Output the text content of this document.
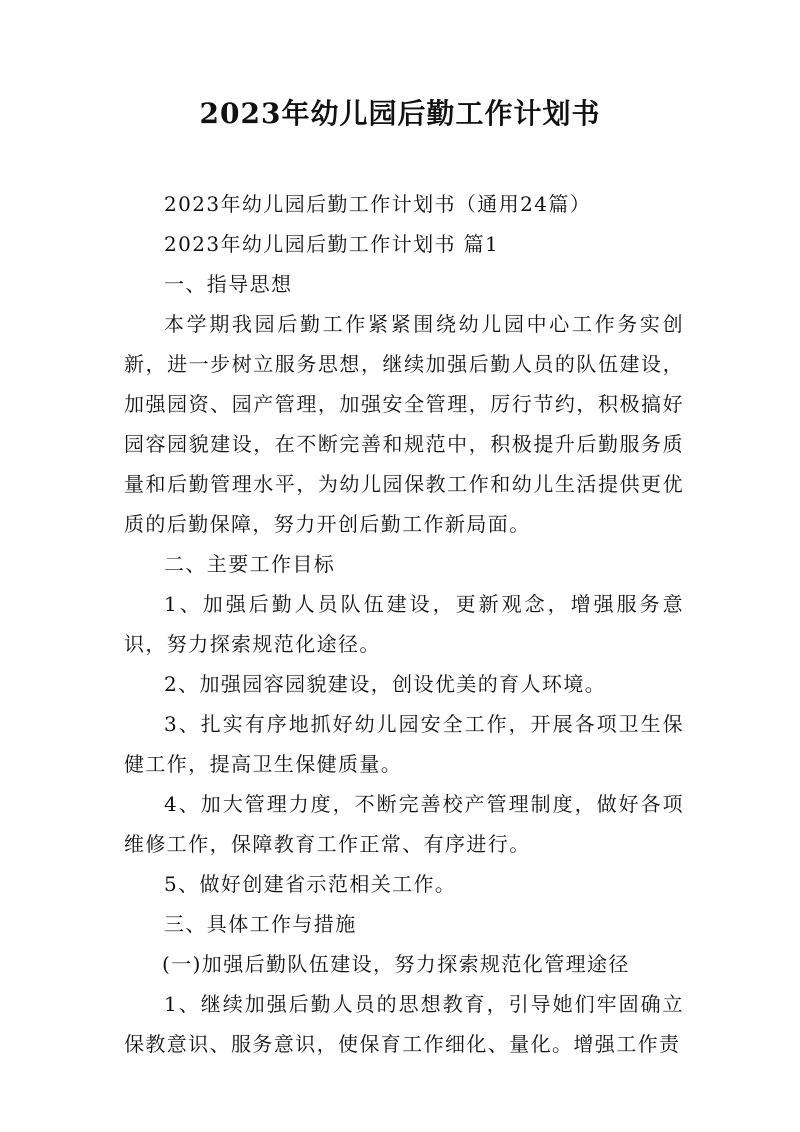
2023年幼儿园后勤工作计划书

2023年幼儿园后勤工作计划书（通用24篇）

2023年幼儿园后勤工作计划书 篇1

一、指导思想

本学期我园后勤工作紧紧围绕幼儿园中心工作务实创新，进一步树立服务思想，继续加强后勤人员的队伍建设，加强园资、园产管理，加强安全管理，厉行节约，积极搞好园容园貌建设，在不断完善和规范中，积极提升后勤服务质量和后勤管理水平，为幼儿园保教工作和幼儿生活提供更优质的后勤保障，努力开创后勤工作新局面。

二、主要工作目标

1、加强后勤人员队伍建设，更新观念，增强服务意识，努力探索规范化途径。

2、加强园容园貌建设，创设优美的育人环境。

3、扎实有序地抓好幼儿园安全工作，开展各项卫生保健工作，提高卫生保健质量。

4、加大管理力度，不断完善校产管理制度，做好各项维修工作，保障教育工作正常、有序进行。

5、做好创建省示范相关工作。

三、具体工作与措施

(一)加强后勤队伍建设，努力探索规范化管理途径

1、继续加强后勤人员的思想教育，引导她们牢固确立保教意识、服务意识，使保育工作细化、量化。增强工作责
